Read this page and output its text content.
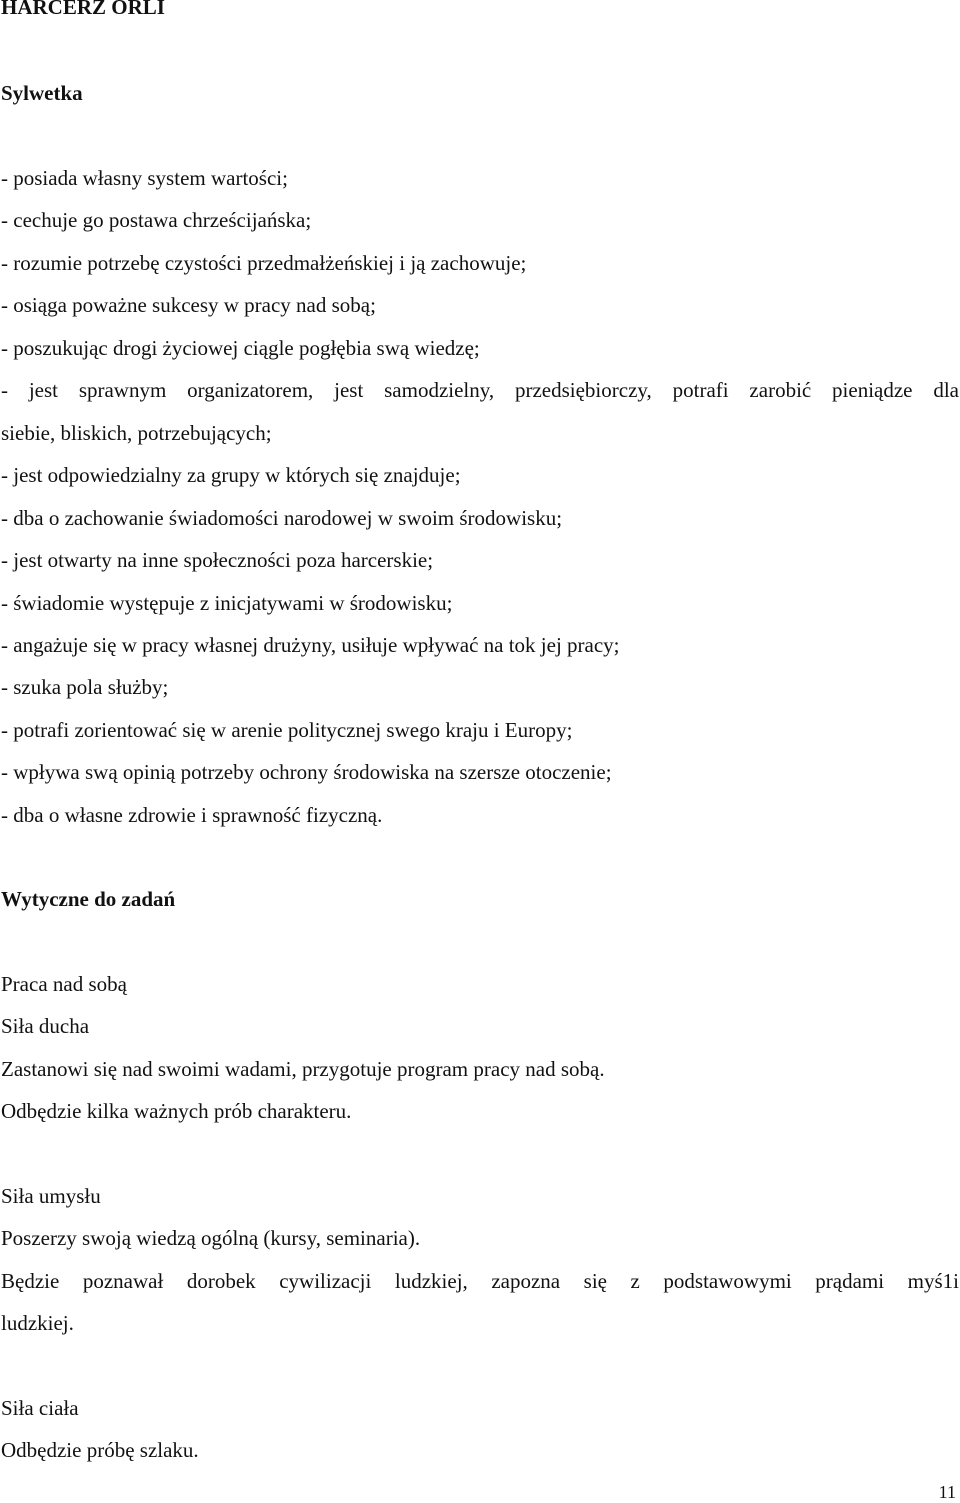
HARCERZ ORLI
Sylwetka
- posiada własny system wartości;
- cechuje go postawa chrześcijańska;
- rozumie potrzebę czystości przedmałżeńskiej i ją zachowuje;
- osiąga poważne sukcesy w pracy nad sobą;
- poszukując drogi życiowej ciągle pogłębia swą wiedzę;
- jest sprawnym organizatorem, jest samodzielny, przedsiębiorczy, potrafi zarobić pieniądze dla
siebie, bliskich, potrzebujących;
- jest odpowiedzialny za grupy w których się znajduje;
- dba o zachowanie świadomości narodowej w swoim środowisku;
- jest otwarty na inne społeczności poza harcerskie;
- świadomie występuje z inicjatywami w środowisku;
- angażuje się w pracy własnej drużyny, usiłuje wpływać na tok jej pracy;
- szuka pola służby;
- potrafi zorientować się w arenie politycznej swego kraju i Europy;
- wpływa swą opinią potrzeby ochrony środowiska na szersze otoczenie;
- dba o własne zdrowie i sprawność fizyczną.
Wytyczne do zadań
Praca nad sobą
Siła ducha
Zastanowi się nad swoimi wadami, przygotuje program pracy nad sobą.
Odbędzie kilka ważnych prób charakteru.
Siła umysłu
Poszerzy swoją wiedzą ogólną (kursy, seminaria).
Będzie poznawał dorobek cywilizacji ludzkiej, zapozna się z podstawowymi prądami myś1i
ludzkiej.
Siła ciała
Odbędzie próbę szlaku.
11
